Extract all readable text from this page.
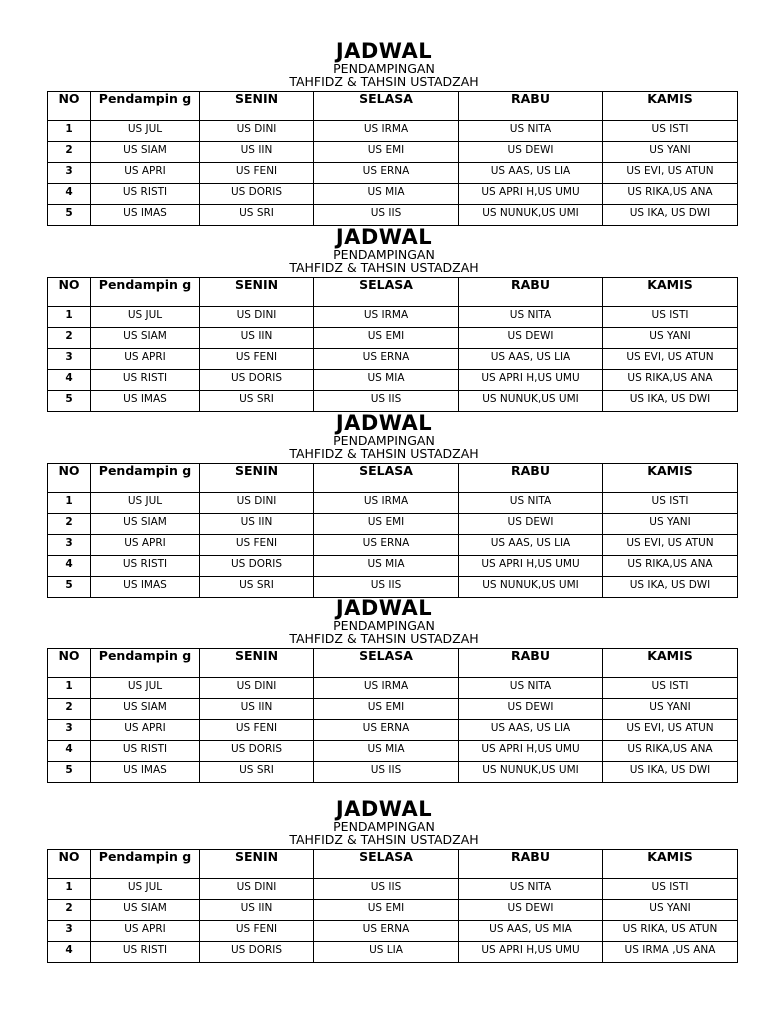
JADWAL
PENDAMPINGAN
TAHFIDZ & TAHSIN USTADZAH
NO	Pendampin g	SENIN	SELASA	RABU	KAMIS
1	US JUL	US DINI	US IRMA	US NITA	US ISTI
2	US SIAM	US IIN	US EMI	US DEWI	US YANI
3	US APRI	US FENI	US ERNA	US AAS, US LIA	US EVI, US ATUN
4	US RISTI	US DORIS	US MIA	US APRI H,US UMU	US RIKA,US ANA
5	US IMAS	US SRI	US IIS	US NUNUK,US UMI	US IKA, US DWI
JADWAL
PENDAMPINGAN
TAHFIDZ & TAHSIN USTADZAH
NO	Pendampin g	SENIN	SELASA	RABU	KAMIS
1	US JUL	US DINI	US IRMA	US NITA	US ISTI
2	US SIAM	US IIN	US EMI	US DEWI	US YANI
3	US APRI	US FENI	US ERNA	US AAS, US LIA	US EVI, US ATUN
4	US RISTI	US DORIS	US MIA	US APRI H,US UMU	US RIKA,US ANA
5	US IMAS	US SRI	US IIS	US NUNUK,US UMI	US IKA, US DWI
JADWAL
PENDAMPINGAN
TAHFIDZ & TAHSIN USTADZAH
NO	Pendampin g	SENIN	SELASA	RABU	KAMIS
1	US JUL	US DINI	US IRMA	US NITA	US ISTI
2	US SIAM	US IIN	US EMI	US DEWI	US YANI
3	US APRI	US FENI	US ERNA	US AAS, US LIA	US EVI, US ATUN
4	US RISTI	US DORIS	US MIA	US APRI H,US UMU	US RIKA,US ANA
5	US IMAS	US SRI	US IIS	US NUNUK,US UMI	US IKA, US DWI
JADWAL
PENDAMPINGAN
TAHFIDZ & TAHSIN USTADZAH
NO	Pendampin g	SENIN	SELASA	RABU	KAMIS
1	US JUL	US DINI	US IRMA	US NITA	US ISTI
2	US SIAM	US IIN	US EMI	US DEWI	US YANI
3	US APRI	US FENI	US ERNA	US AAS, US LIA	US EVI, US ATUN
4	US RISTI	US DORIS	US MIA	US APRI H,US UMU	US RIKA,US ANA
5	US IMAS	US SRI	US IIS	US NUNUK,US UMI	US IKA, US DWI
JADWAL
PENDAMPINGAN
TAHFIDZ & TAHSIN USTADZAH
NO	Pendampin g	SENIN	SELASA	RABU	KAMIS
1	US JUL	US DINI	US IIS	US NITA	US ISTI
2	US SIAM	US IIN	US EMI	US DEWI	US YANI
3	US APRI	US FENI	US ERNA	US AAS, US MIA	US RIKA, US ATUN
4	US RISTI	US DORIS	US LIA	US APRI H,US UMU	US IRMA ,US ANA
